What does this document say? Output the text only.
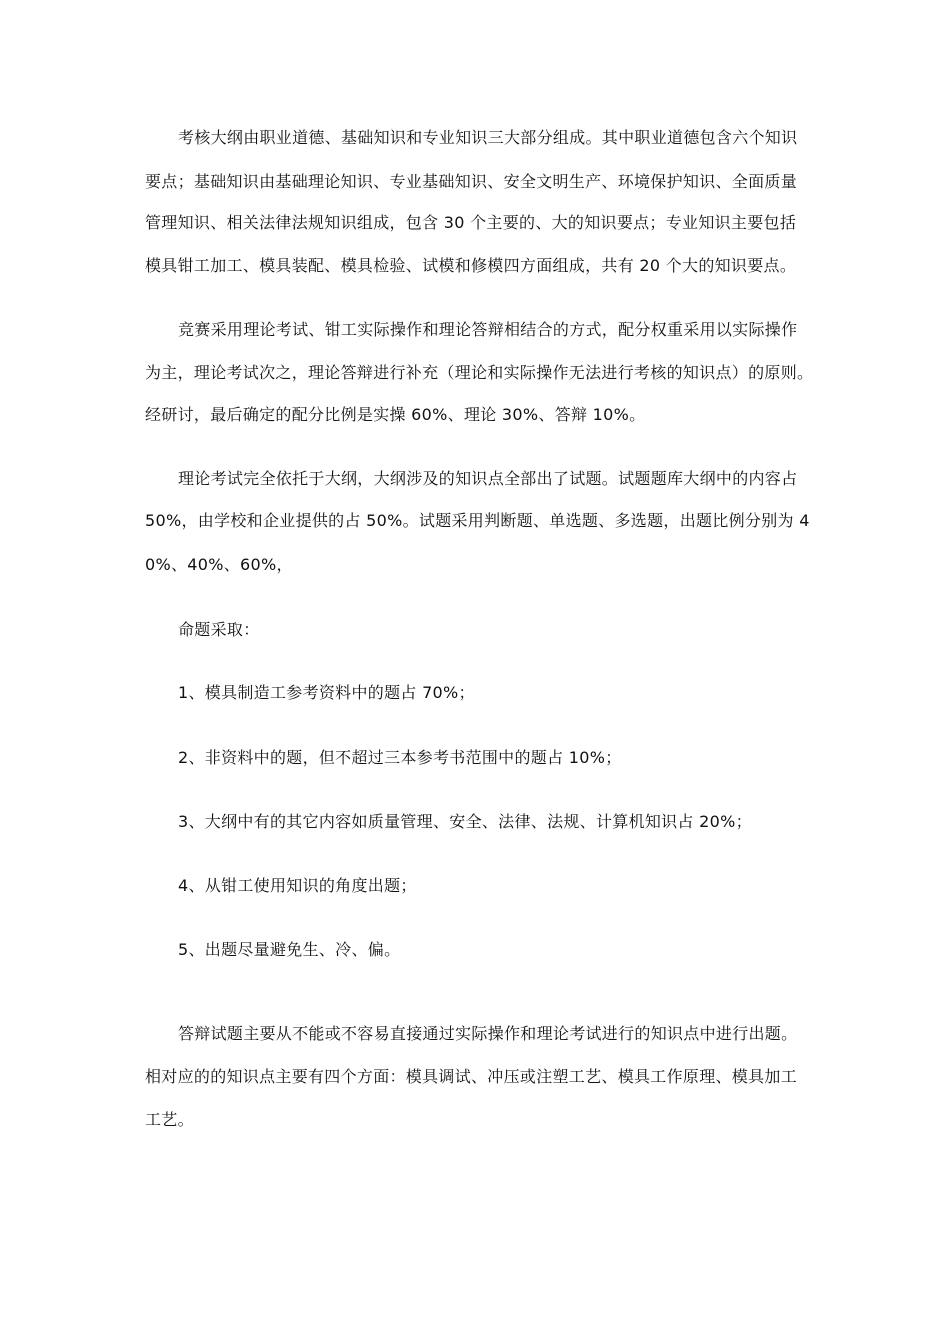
考核大纲由职业道德、基础知识和专业知识三大部分组成。其中职业道德包含六个知识
要点；基础知识由基础理论知识、专业基础知识、安全文明生产、环境保护知识、全面质量
管理知识、相关法律法规知识组成，包含 30 个主要的、大的知识要点；专业知识主要包括
模具钳工加工、模具装配、模具检验、试模和修模四方面组成，共有 20 个大的知识要点。
竞赛采用理论考试、钳工实际操作和理论答辩相结合的方式，配分权重采用以实际操作
为主，理论考试次之，理论答辩进行补充（理论和实际操作无法进行考核的知识点）的原则。
经研讨，最后确定的配分比例是实操 60%、理论 30%、答辩 10%。
理论考试完全依托于大纲，大纲涉及的知识点全部出了试题。试题题库大纲中的内容占
50%，由学校和企业提供的占 50%。试题采用判断题、单选题、多选题，出题比例分别为 4
0%、40%、60%，
命题采取：
1、模具制造工参考资料中的题占 70%；
2、非资料中的题，但不超过三本参考书范围中的题占 10%；
3、大纲中有的其它内容如质量管理、安全、法律、法规、计算机知识占 20%；
4、从钳工使用知识的角度出题；
5、出题尽量避免生、冷、偏。
答辩试题主要从不能或不容易直接通过实际操作和理论考试进行的知识点中进行出题。
相对应的的知识点主要有四个方面：模具调试、冲压或注塑工艺、模具工作原理、模具加工
工艺。
